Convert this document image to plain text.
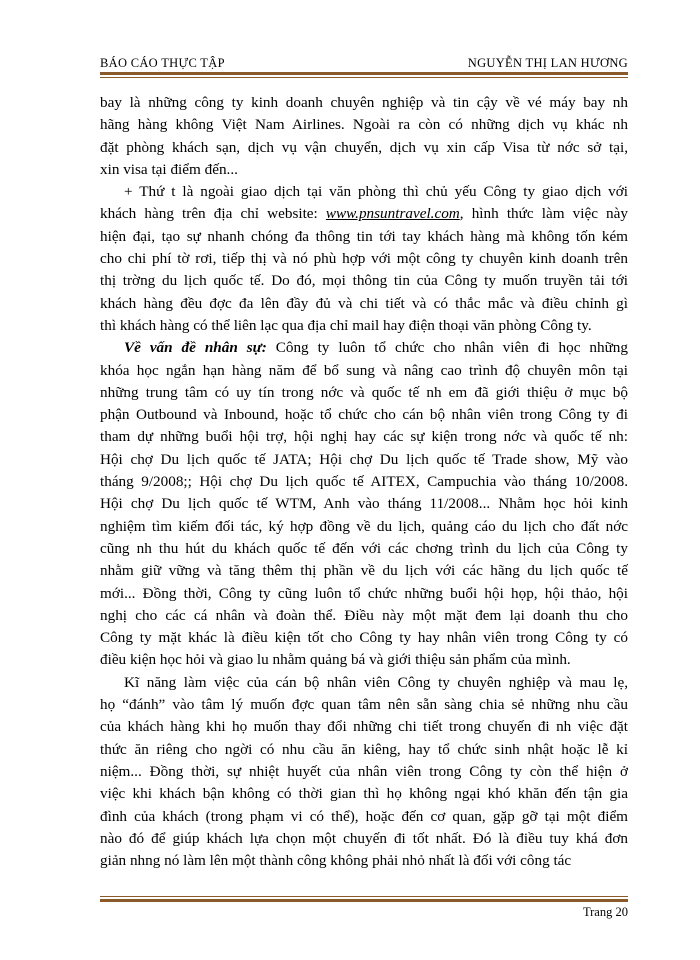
BÁO CÁO THỰC TẬP	NGUYỄN THỊ LAN HƯƠNG
bay là những công ty kinh doanh chuyên nghiệp và tin cậy về vé máy bay nh
hãng hàng không Việt Nam Airlines. Ngoài ra còn có những dịch vụ khác nh
đặt phòng khách sạn, dịch vụ vận chuyển, dịch vụ xin cấp Visa từ nớc sở tại,
xin visa tại điểm đến...
+ Thứ t là ngoài giao dịch tại văn phòng thì chủ yếu Công ty giao dịch với
khách hàng trên địa chỉ website: www.pnsuntravel.com, hình thức làm việc này
hiện đại, tạo sự nhanh chóng đa thông tin tới tay khách hàng mà không tốn kém
cho chi phí tờ rơi, tiếp thị và nó phù hợp với một công ty chuyên kinh doanh trên
thị trờng du lịch quốc tế. Do đó, mọi thông tin của Công ty muốn truyền tải tới
khách hàng đều đợc đa lên đầy đủ và chi tiết và có thắc mắc và điều chỉnh gì
thì khách hàng có thể liên lạc qua địa chỉ mail hay điện thoại văn phòng Công ty.
Về vấn đề nhân sự: Công ty luôn tổ chức cho nhân viên đi học những
khóa học ngắn hạn hàng năm để bổ sung và nâng cao trình độ chuyên môn tại
những trung tâm có uy tín trong nớc và quốc tế nh em đã giới thiệu ở mục bộ
phận Outbound và Inbound, hoặc tổ chức cho cán bộ nhân viên trong Công ty đi
tham dự những buổi hội trợ, hội nghị hay các sự kiện trong nớc và quốc tế nh:
Hội chợ Du lịch quốc tế JATA; Hội chợ Du lịch quốc tế Trade show, Mỹ vào
tháng 9/2008;; Hội chợ Du lịch quốc tế AITEX, Campuchia vào tháng 10/2008.
Hội chợ Du lịch quốc tế WTM, Anh vào tháng 11/2008... Nhằm học hỏi kinh
nghiệm tìm kiếm đối tác, ký hợp đồng về du lịch, quảng cáo du lịch cho đất nớc
cũng nh thu hút du khách quốc tế đến với các chơng trình du lịch của Công ty
nhằm giữ vững và tăng thêm thị phần về du lịch với các hãng du lịch quốc tế
mới... Đồng thời, Công ty cũng luôn tổ chức những buổi hội họp, hội thảo, hội
nghị cho các cá nhân và đoàn thể. Điều này một mặt đem lại doanh thu cho
Công ty mặt khác là điều kiện tốt cho Công ty hay nhân viên trong Công ty có
điều kiện học hỏi và giao lu nhằm quảng bá và giới thiệu sản phẩm của mình.
Kĩ năng làm việc của cán bộ nhân viên Công ty chuyên nghiệp và mau lẹ,
họ “đánh” vào tâm lý muốn đợc quan tâm nên sẵn sàng chia sẻ những nhu cầu
của khách hàng khi họ muốn thay đổi những chi tiết trong chuyến đi nh việc đặt
thức ăn riêng cho ngời có nhu cầu ăn kiêng, hay tổ chức sinh nhật hoặc lễ kỉ
niệm... Đồng thời, sự nhiệt huyết của nhân viên trong Công ty còn thể hiện ở
việc khi khách bận không có thời gian thì họ không ngại khó khăn đến tận gia
đình của khách (trong phạm vi có thể), hoặc đến cơ quan, gặp gỡ tại một điểm
nào đó để giúp khách lựa chọn một chuyến đi tốt nhất. Đó là điều tuy khá đơn
giản nhng nó làm lên một thành công không phải nhỏ nhất là đối với công tác
Trang 20
